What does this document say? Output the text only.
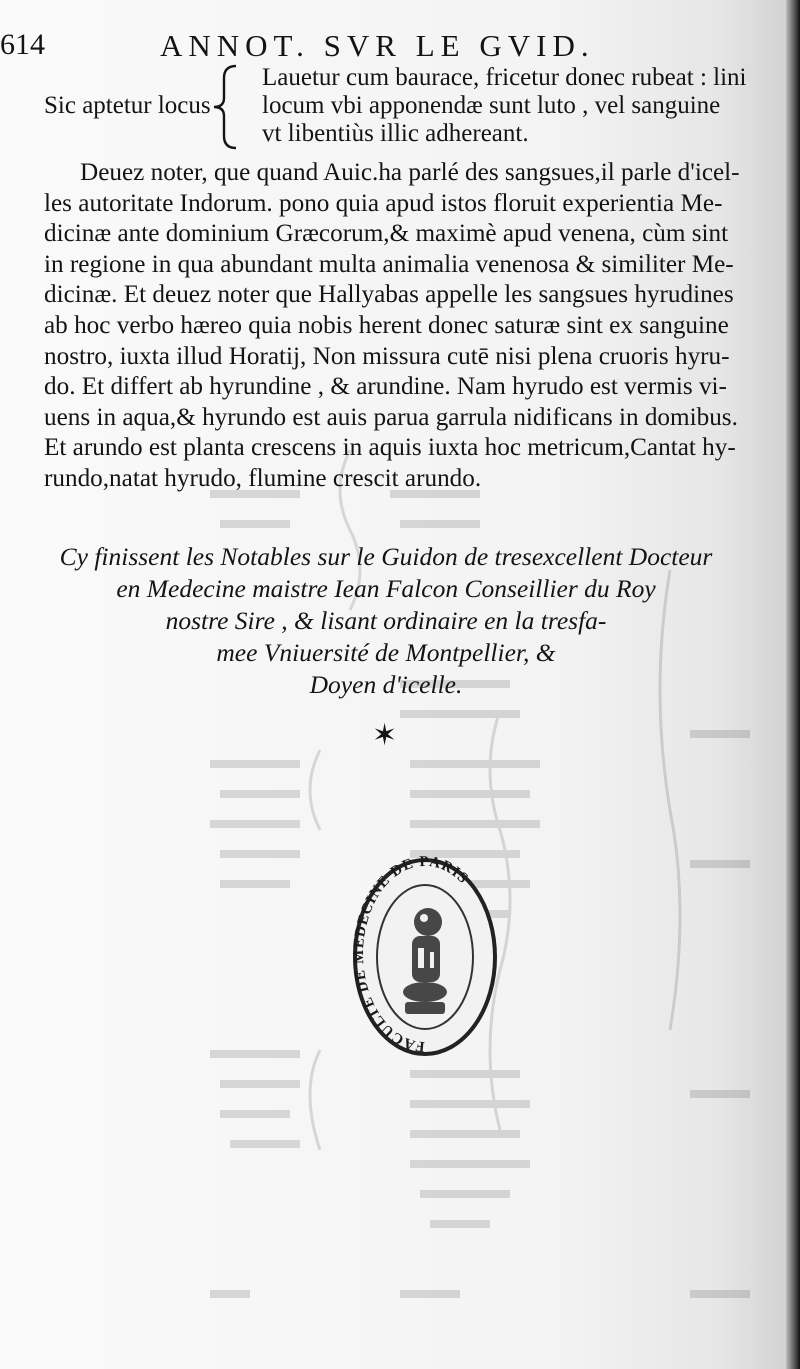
614	ANNOT. SVR LE GVID.
Sic aptetur locus
Lauetur cum baurace, fricetur donec rubeat : lini
locum vbi apponendæ sunt luto , vel sanguine
vt libentiùs illic adhereant.
Deuez noter, que quand Auic.ha parlé des sangsues,il parle d'icel-
les autoritate Indorum. pono quia apud istos floruit experientia Me-
dicinæ ante dominium Græcorum,& maximè apud venena, cùm sint
in regione in qua abundant multa animalia venenosa & similiter Me-
dicinæ. Et deuez noter que Hallyabas appelle les sangsues hyrudines
ab hoc verbo hæreo quia nobis herent donec saturæ sint ex sanguine
nostro, iuxta illud Horatij, Non missura cutē nisi plena cruoris hyru-
do. Et differt ab hyrundine , & arundine. Nam hyrudo est vermis vi-
uens in aqua,& hyrundo est auis parua garrula nidificans in domibus.
Et arundo est planta crescens in aquis iuxta hoc metricum,Cantat hy-
rundo,natat hyrudo, flumine crescit arundo.
Cy finissent les Notables sur le Guidon de tresexcellent Docteur
en Medecine maistre Iean Falcon Conseillier du Roy
nostre Sire , & lisant ordinaire en la tresfa-
mee Vniuersité de Montpellier, &
Doyen d'icelle.
✶
FACULTE DE MEDECINE DE PARIS
